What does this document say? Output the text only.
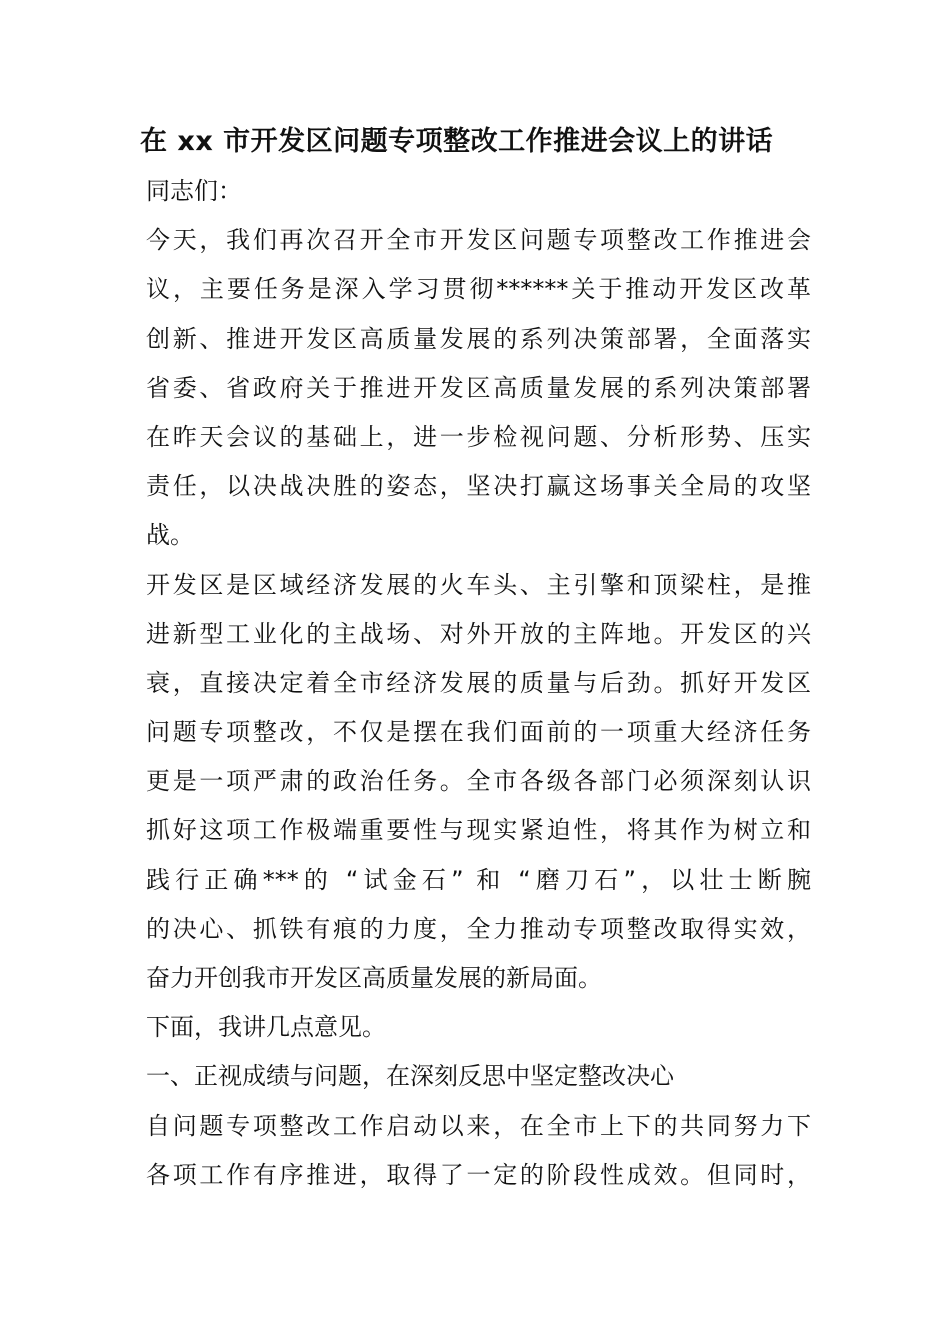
在 xx 市开发区问题专项整改工作推进会议上的讲话
同志们：
今天，我们再次召开全市开发区问题专项整改工作推进会
议，主要任务是深入学习贯彻******关于推动开发区改革
创新、推进开发区高质量发展的系列决策部署，全面落实
省委、省政府关于推进开发区高质量发展的系列决策部署
在昨天会议的基础上，进一步检视问题、分析形势、压实
责任，以决战决胜的姿态，坚决打赢这场事关全局的攻坚
战。
开发区是区域经济发展的火车头、主引擎和顶梁柱，是推
进新型工业化的主战场、对外开放的主阵地。开发区的兴
衰，直接决定着全市经济发展的质量与后劲。抓好开发区
问题专项整改，不仅是摆在我们面前的一项重大经济任务
更是一项严肃的政治任务。全市各级各部门必须深刻认识
抓好这项工作极端重要性与现实紧迫性，将其作为树立和
践行正确***的 “试金石” 和 “磨刀石”，以壮士断腕
的决心、抓铁有痕的力度，全力推动专项整改取得实效，
奋力开创我市开发区高质量发展的新局面。
下面，我讲几点意见。
一、正视成绩与问题，在深刻反思中坚定整改决心
自问题专项整改工作启动以来，在全市上下的共同努力下
各项工作有序推进，取得了一定的阶段性成效。但同时，
